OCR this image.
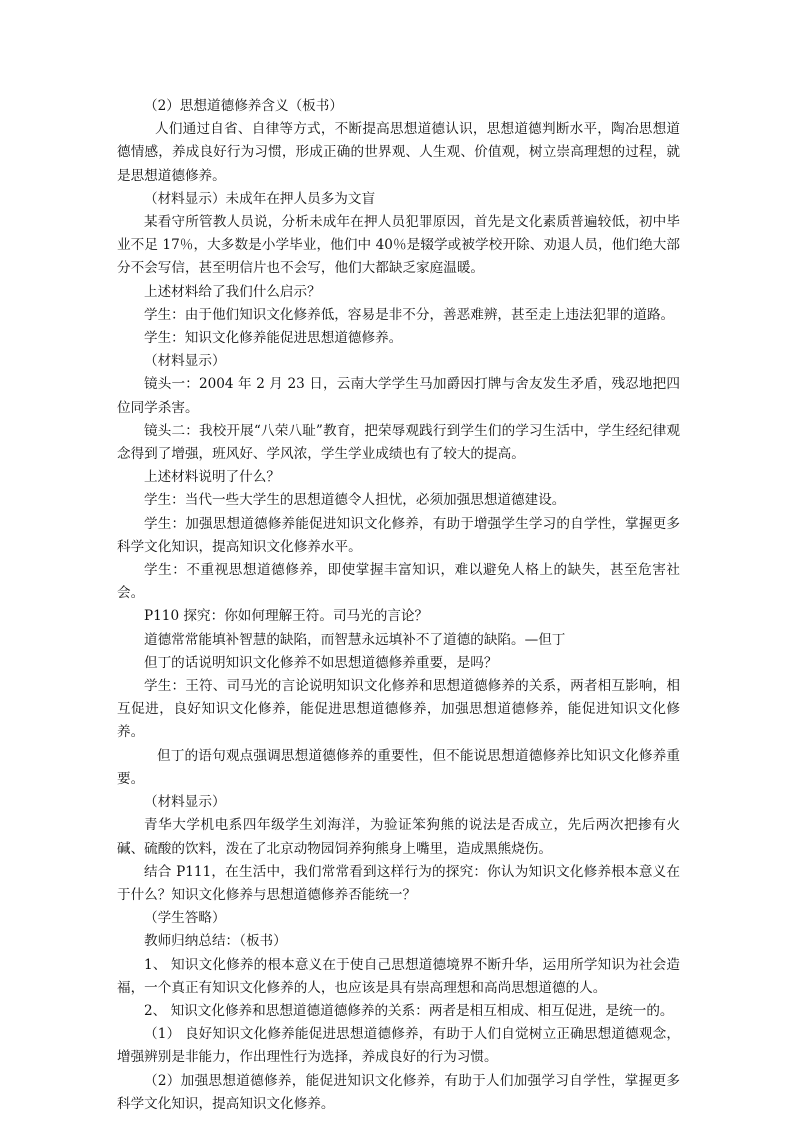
（2）思想道德修养含义（板书）

人们通过自省、自律等方式，不断提高思想道德认识，思想道德判断水平，陶冶思想道德情感，养成良好行为习惯，形成正确的世界观、人生观、价值观，树立崇高理想的过程，就是思想道德修养。

（材料显示）未成年在押人员多为文盲

某看守所管教人员说，分析未成年在押人员犯罪原因，首先是文化素质普遍较低，初中毕业不足 17％，大多数是小学毕业，他们中 40％是辍学或被学校开除、劝退人员，他们绝大部分不会写信，甚至明信片也不会写，他们大都缺乏家庭温暖。

上述材料给了我们什么启示？

学生：由于他们知识文化修养低，容易是非不分，善恶难辨，甚至走上违法犯罪的道路。

学生：知识文化修养能促进思想道德修养。

（材料显示）

镜头一：2004 年 2 月 23 日，云南大学学生马加爵因打牌与舍友发生矛盾，残忍地把四位同学杀害。

镜头二：我校开展“八荣八耻”教育，把荣辱观践行到学生们的学习生活中，学生经纪律观念得到了增强，班风好、学风浓，学生学业成绩也有了较大的提高。

上述材料说明了什么？

学生：当代一些大学生的思想道德令人担忧，必须加强思想道德建设。

学生：加强思想道德修养能促进知识文化修养，有助于增强学生学习的自学性，掌握更多科学文化知识，提高知识文化修养水平。

学生：不重视思想道德修养，即使掌握丰富知识，难以避免人格上的缺失，甚至危害社会。

P110 探究：你如何理解王符。司马光的言论？

道德常常能填补智慧的缺陷，而智慧永远填补不了道德的缺陷。—但丁

但丁的话说明知识文化修养不如思想道德修养重要，是吗？

学生：王符、司马光的言论说明知识文化修养和思想道德修养的关系，两者相互影响，相互促进，良好知识文化修养，能促进思想道德修养，加强思想道德修养，能促进知识文化修养。

但丁的语句观点强调思想道德修养的重要性，但不能说思想道德修养比知识文化修养重要。

（材料显示）

青华大学机电系四年级学生刘海洋，为验证笨狗熊的说法是否成立，先后两次把掺有火碱、硫酸的饮料，泼在了北京动物园饲养狗熊身上嘴里，造成黑熊烧伤。

结合 P111，在生活中，我们常常看到这样行为的探究：你认为知识文化修养根本意义在于什么？知识文化修养与思想道德修养否能统一？

（学生答略）

教师归纳总结：（板书）

1、 知识文化修养的根本意义在于使自己思想道德境界不断升华，运用所学知识为社会造福，一个真正有知识文化修养的人，也应该是具有崇高理想和高尚思想道德的人。

2、 知识文化修养和思想道德道德修养的关系：两者是相互相成、相互促进，是统一的。

（1） 良好知识文化修养能促进思想道德修养，有助于人们自觉树立正确思想道德观念，增强辨别是非能力，作出理性行为选择，养成良好的行为习惯。

（2）加强思想道德修养，能促进知识文化修养，有助于人们加强学习自学性，掌握更多科学文化知识，提高知识文化修养。
